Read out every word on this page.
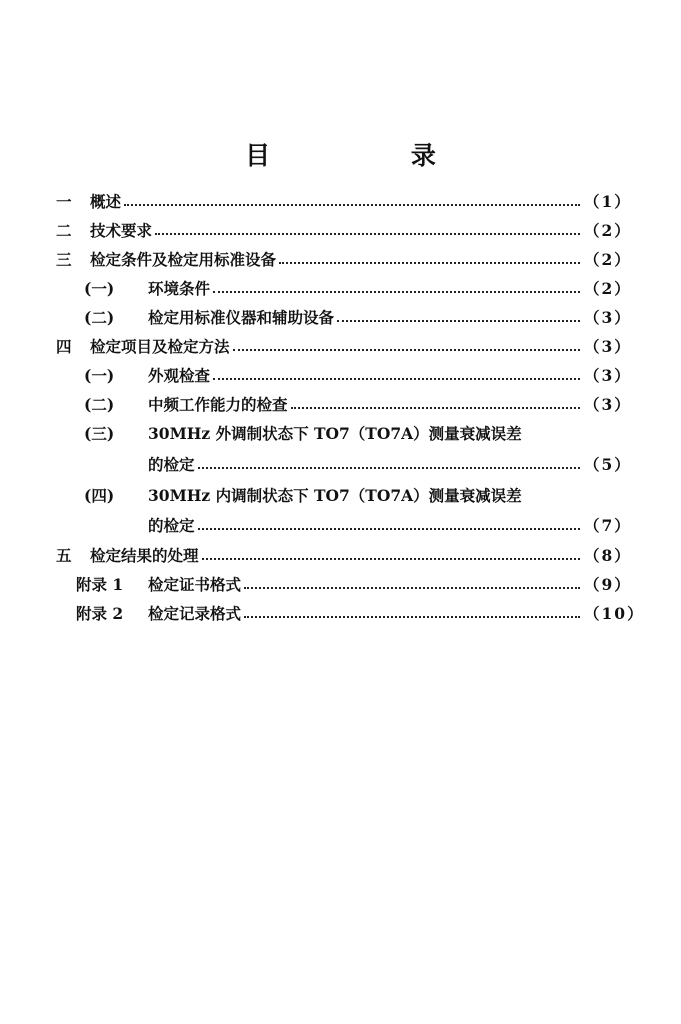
目 录
一	概述	（1）
二	技术要求	（2）
三	检定条件及检定用标准设备	（2）
(一)	环境条件	（2）
(二)	检定用标准仪器和辅助设备	（3）
四	检定项目及检定方法	（3）
(一)	外观检查	（3）
(二)	中频工作能力的检查	（3）
(三)	30MHz 外调制状态下 TO7（TO7A）测量衰减误差
的检定	（5）
(四)	30MHz 内调制状态下 TO7（TO7A）测量衰减误差
的检定	（7）
五	检定结果的处理	（8）
附录 1	检定证书格式	（9）
附录 2	检定记录格式	（10）
